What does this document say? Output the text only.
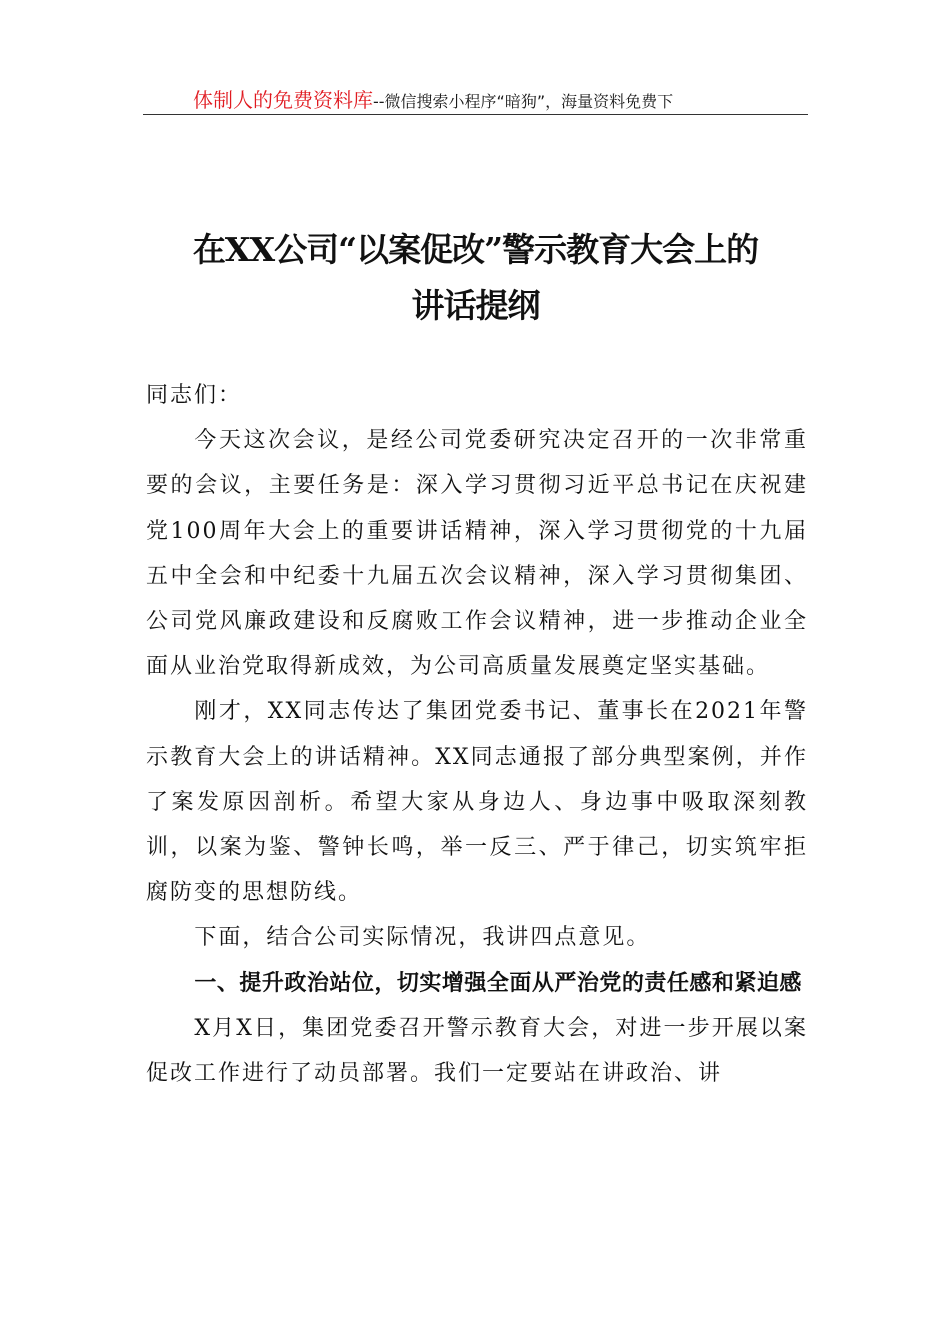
体制人的免费资料库--微信搜索小程序“暗狗”，海量资料免费下
在XX公司“以案促改”警示教育大会上的
讲话提纲

同志们：

今天这次会议，是经公司党委研究决定召开的一次非常重要的会议，主要任务是：深入学习贯彻习近平总书记在庆祝建党100周年大会上的重要讲话精神，深入学习贯彻党的十九届五中全会和中纪委十九届五次会议精神，深入学习贯彻集团、公司党风廉政建设和反腐败工作会议精神，进一步推动企业全面从业治党取得新成效，为公司高质量发展奠定坚实基础。

刚才，XX同志传达了集团党委书记、董事长在2021年警示教育大会上的讲话精神。XX同志通报了部分典型案例，并作了案发原因剖析。希望大家从身边人、身边事中吸取深刻教训，以案为鉴、警钟长鸣，举一反三、严于律己，切实筑牢拒腐防变的思想防线。

下面，结合公司实际情况，我讲四点意见。

一、提升政治站位，切实增强全面从严治党的责任感和紧迫感

X月X日，集团党委召开警示教育大会，对进一步开展以案促改工作进行了动员部署。我们一定要站在讲政治、讲
